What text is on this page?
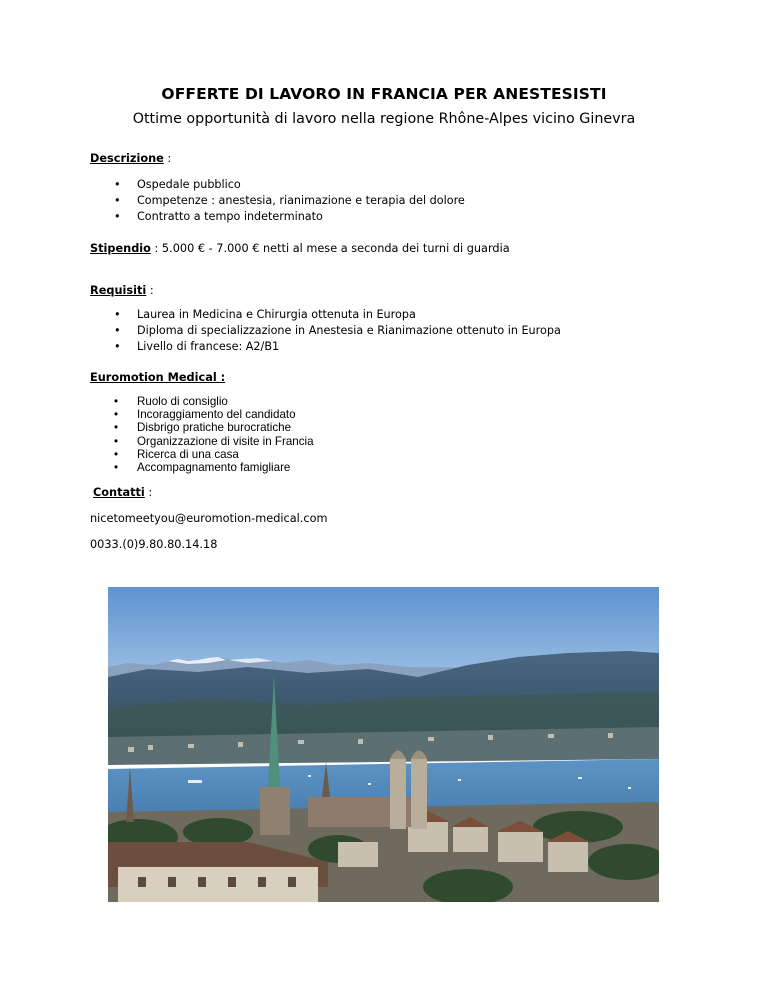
OFFERTE DI LAVORO IN FRANCIA PER ANESTESISTI
Ottime opportunità di lavoro nella regione Rhône-Alpes vicino Ginevra
Descrizione :
• Ospedale pubblico
• Competenze : anestesia, rianimazione e terapia del dolore
• Contratto a tempo indeterminato
Stipendio : 5.000 € - 7.000 € netti al mese a seconda dei turni di guardia
Requisiti :
• Laurea in Medicina e Chirurgia ottenuta in Europa
• Diploma di specializzazione in Anestesia e Rianimazione ottenuto in Europa
• Livello di francese: A2/B1
Euromotion Medical :
• Ruolo di consiglio
• Incoraggiamento del candidato
• Disbrigo pratiche burocratiche
• Organizzazione di visite in Francia
• Ricerca di una casa
• Accompagnamento famigliare
Contatti :
nicetomeetyou@euromotion-medical.com
0033.(0)9.80.80.14.18
